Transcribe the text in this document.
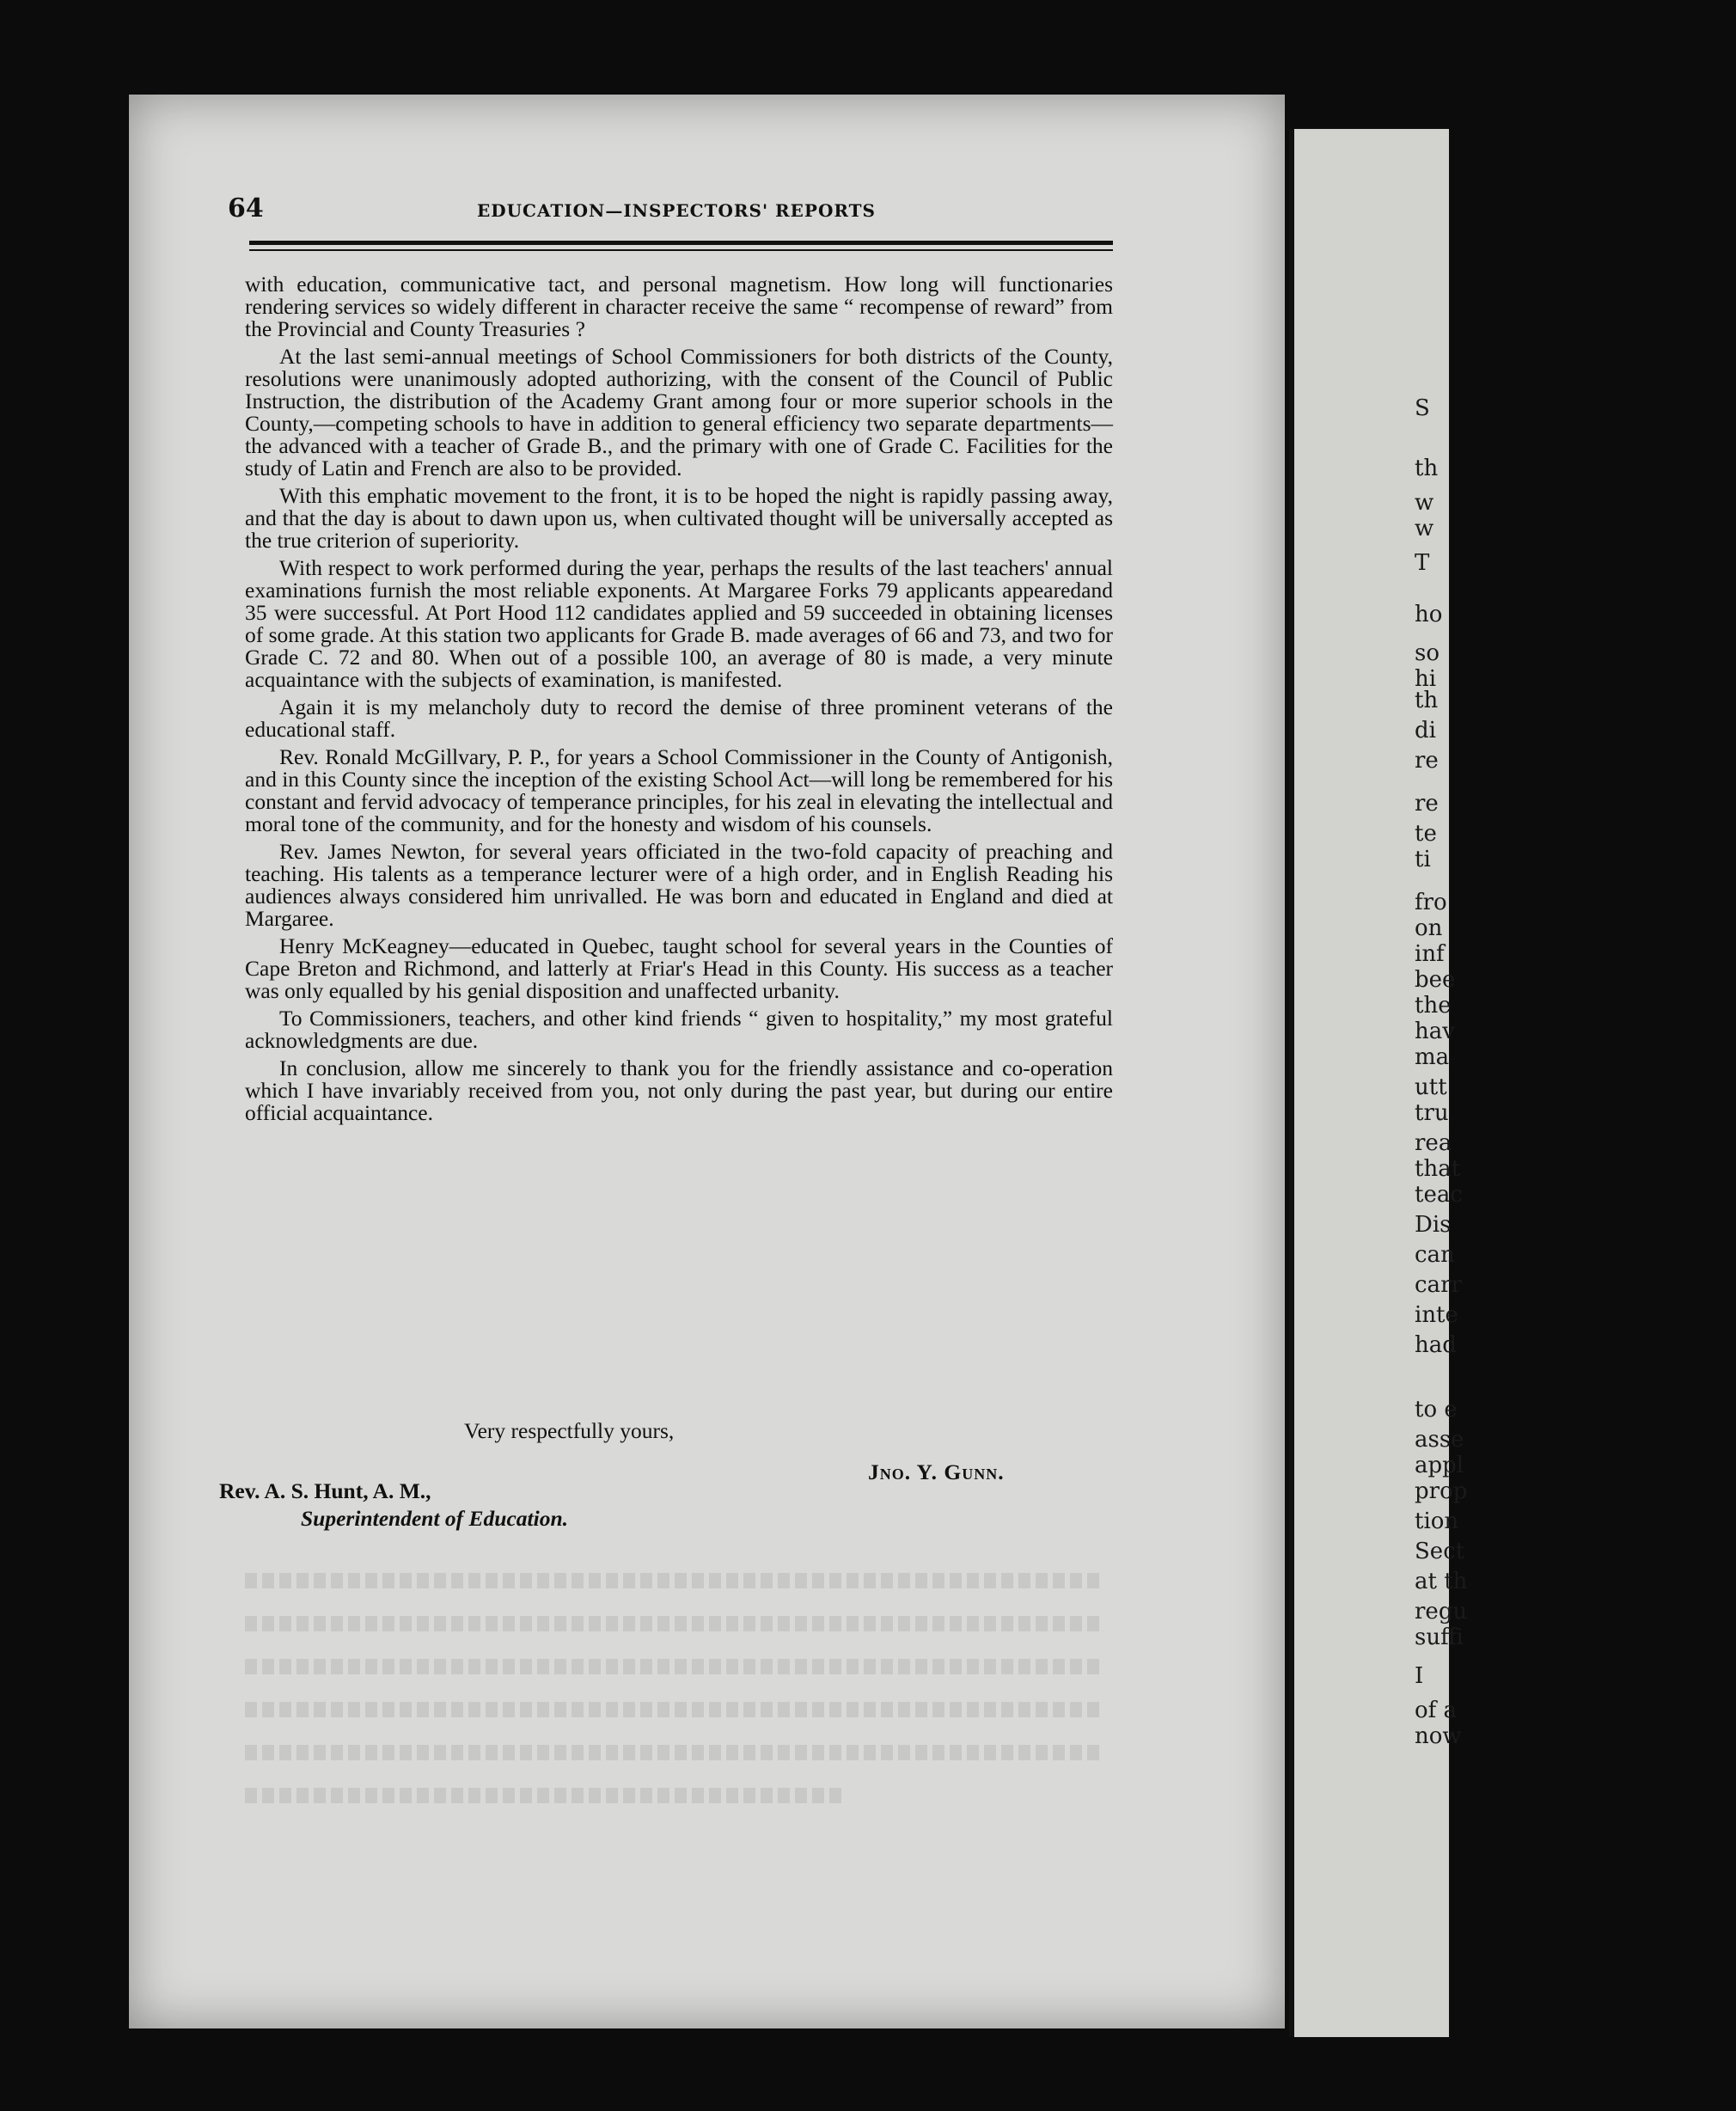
S
th
w
w
T
ho
so
hi
th
di
re
re
te
ti
fro
on
inf
bee
the
hav
ma
utt
tru
rea
that
teac
Dis
can
carr
inte
had
to e
asse
appl
prop
tion
Sect
at th
regu
suffi
I
of a
now
64	EDUCATION—INSPECTORS' REPORTS

with education, communicative tact, and personal magnetism. How long will functionaries rendering services so widely different in character receive the same “ recompense of reward” from the Provincial and County Treasuries ?

At the last semi-annual meetings of School Commissioners for both districts of the County, resolutions were unanimously adopted authorizing, with the consent of the Council of Public Instruction, the distribution of the Academy Grant among four or more superior schools in the County,—competing schools to have in addition to general efficiency two separate departments—the advanced with a teacher of Grade B., and the primary with one of Grade C. Facilities for the study of Latin and French are also to be provided.

With this emphatic movement to the front, it is to be hoped the night is rapidly passing away, and that the day is about to dawn upon us, when cultivated thought will be universally accepted as the true criterion of superiority.

With respect to work performed during the year, perhaps the results of the last teachers' annual examinations furnish the most reliable exponents. At Margaree Forks 79 applicants appearedand 35 were successful. At Port Hood 112 candidates applied and 59 succeeded in obtaining licenses of some grade. At this station two applicants for Grade B. made averages of 66 and 73, and two for Grade C. 72 and 80. When out of a possible 100, an average of 80 is made, a very minute acquaintance with the subjects of examination, is manifested.

Again it is my melancholy duty to record the demise of three prominent veterans of the educational staff.

Rev. Ronald McGillvary, P. P., for years a School Commissioner in the County of Antigonish, and in this County since the inception of the existing School Act—will long be remembered for his constant and fervid advocacy of temperance principles, for his zeal in elevating the intellectual and moral tone of the community, and for the honesty and wisdom of his counsels.

Rev. James Newton, for several years officiated in the two-fold capacity of preaching and teaching. His talents as a temperance lecturer were of a high order, and in English Reading his audiences always considered him unrivalled. He was born and educated in England and died at Margaree.

Henry McKeagney—educated in Quebec, taught school for several years in the Counties of Cape Breton and Richmond, and latterly at Friar's Head in this County. His success as a teacher was only equalled by his genial disposition and unaffected urbanity.

To Commissioners, teachers, and other kind friends “ given to hospitality,” my most grateful acknowledgments are due.

In conclusion, allow me sincerely to thank you for the friendly assistance and co-operation which I have invariably received from you, not only during the past year, but during our entire official acquaintance.

Very respectfully yours,
Jno. Y. Gunn.
Rev. A. S. Hunt, A. M.,
Superintendent of Education.
